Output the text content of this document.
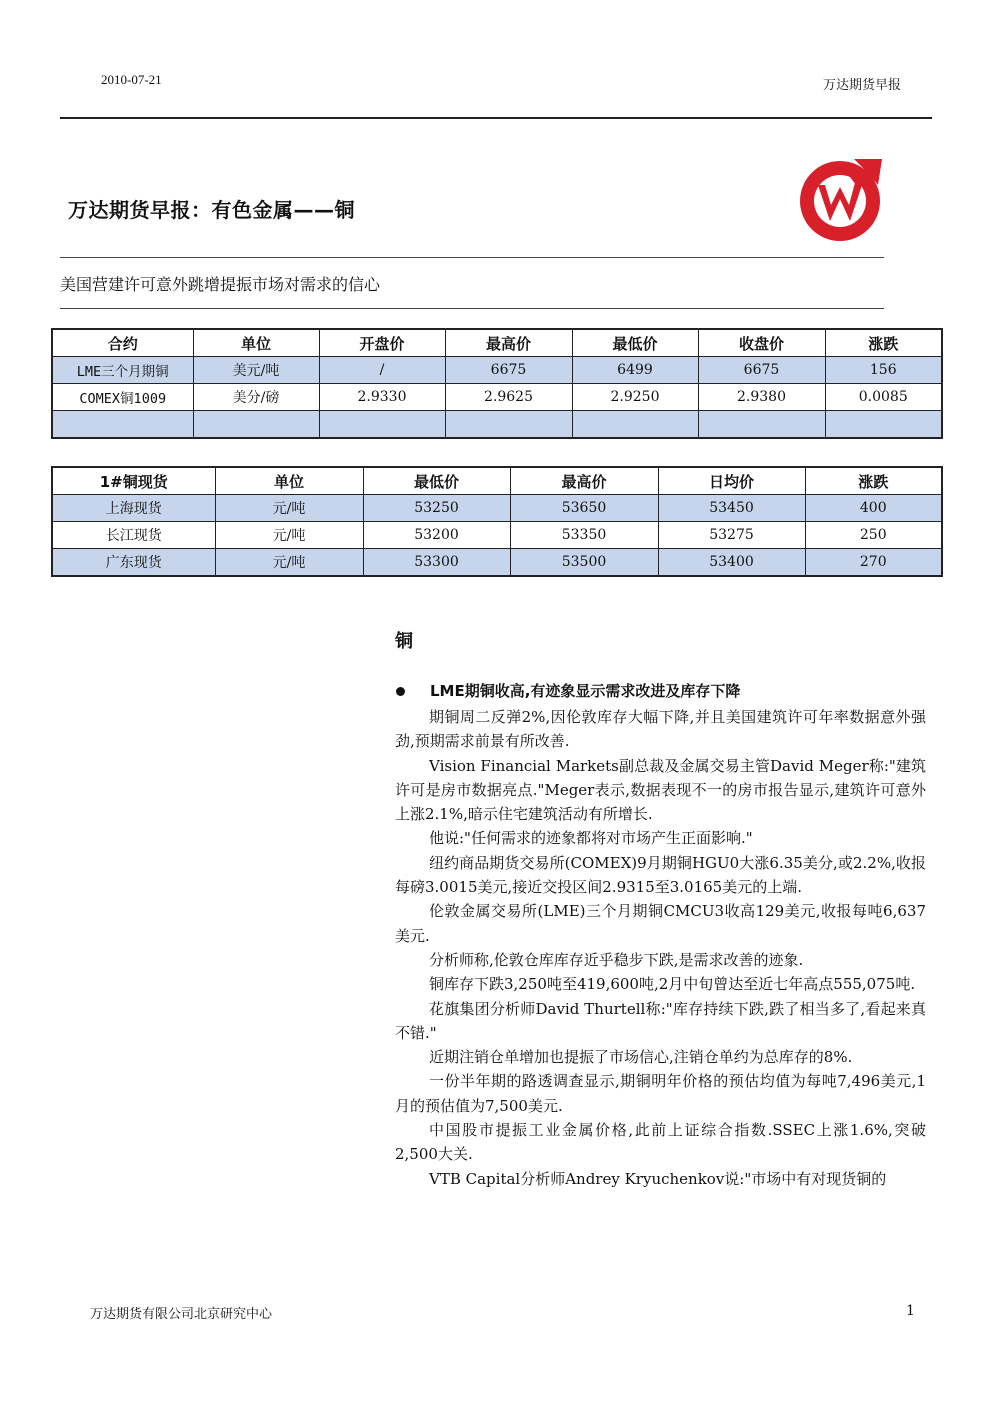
2010-07-21	万达期货早报
万达期货早报：有色金属——铜
美国营建许可意外跳增提振市场对需求的信心
合约	单位	开盘价	最高价	最低价	收盘价	涨跌
LME三个月期铜	美元/吨	/	6675	6499	6675	156
COMEX铜1009	美分/磅	2.9330	2.9625	2.9250	2.9380	0.0085

1#铜现货	单位	最低价	最高价	日均价	涨跌
上海现货	元/吨	53250	53650	53450	400
长江现货	元/吨	53200	53350	53275	250
广东现货	元/吨	53300	53500	53400	270
铜
LME期铜收高,有迹象显示需求改进及库存下降

期铜周二反弹2%,因伦敦库存大幅下降,并且美国建筑许可年率数据意外强劲,预期需求前景有所改善.

Vision Financial Markets副总裁及金属交易主管David Meger称:"建筑许可是房市数据亮点."Meger表示,数据表现不一的房市报告显示,建筑许可意外上涨2.1%,暗示住宅建筑活动有所增长.

他说:"任何需求的迹象都将对市场产生正面影响."

纽约商品期货交易所(COMEX)9月期铜HGU0大涨6.35美分,或2.2%,收报每磅3.0015美元,接近交投区间2.9315至3.0165美元的上端.

伦敦金属交易所(LME)三个月期铜CMCU3收高129美元,收报每吨6,637美元.

分析师称,伦敦仓库库存近乎稳步下跌,是需求改善的迹象.

铜库存下跌3,250吨至419,600吨,2月中旬曾达至近七年高点555,075吨.

花旗集团分析师David Thurtell称:"库存持续下跌,跌了相当多了,看起来真不错."

近期注销仓单增加也提振了市场信心,注销仓单约为总库存的8%.

一份半年期的路透调查显示,期铜明年价格的预估均值为每吨7,496美元,1月的预估值为7,500美元.

中国股市提振工业金属价格,此前上证综合指数.SSEC上涨1.6%,突破2,500大关.

VTB Capital分析师Andrey Kryuchenkov说:"市场中有对现货铜的

万达期货有限公司北京研究中心	1
